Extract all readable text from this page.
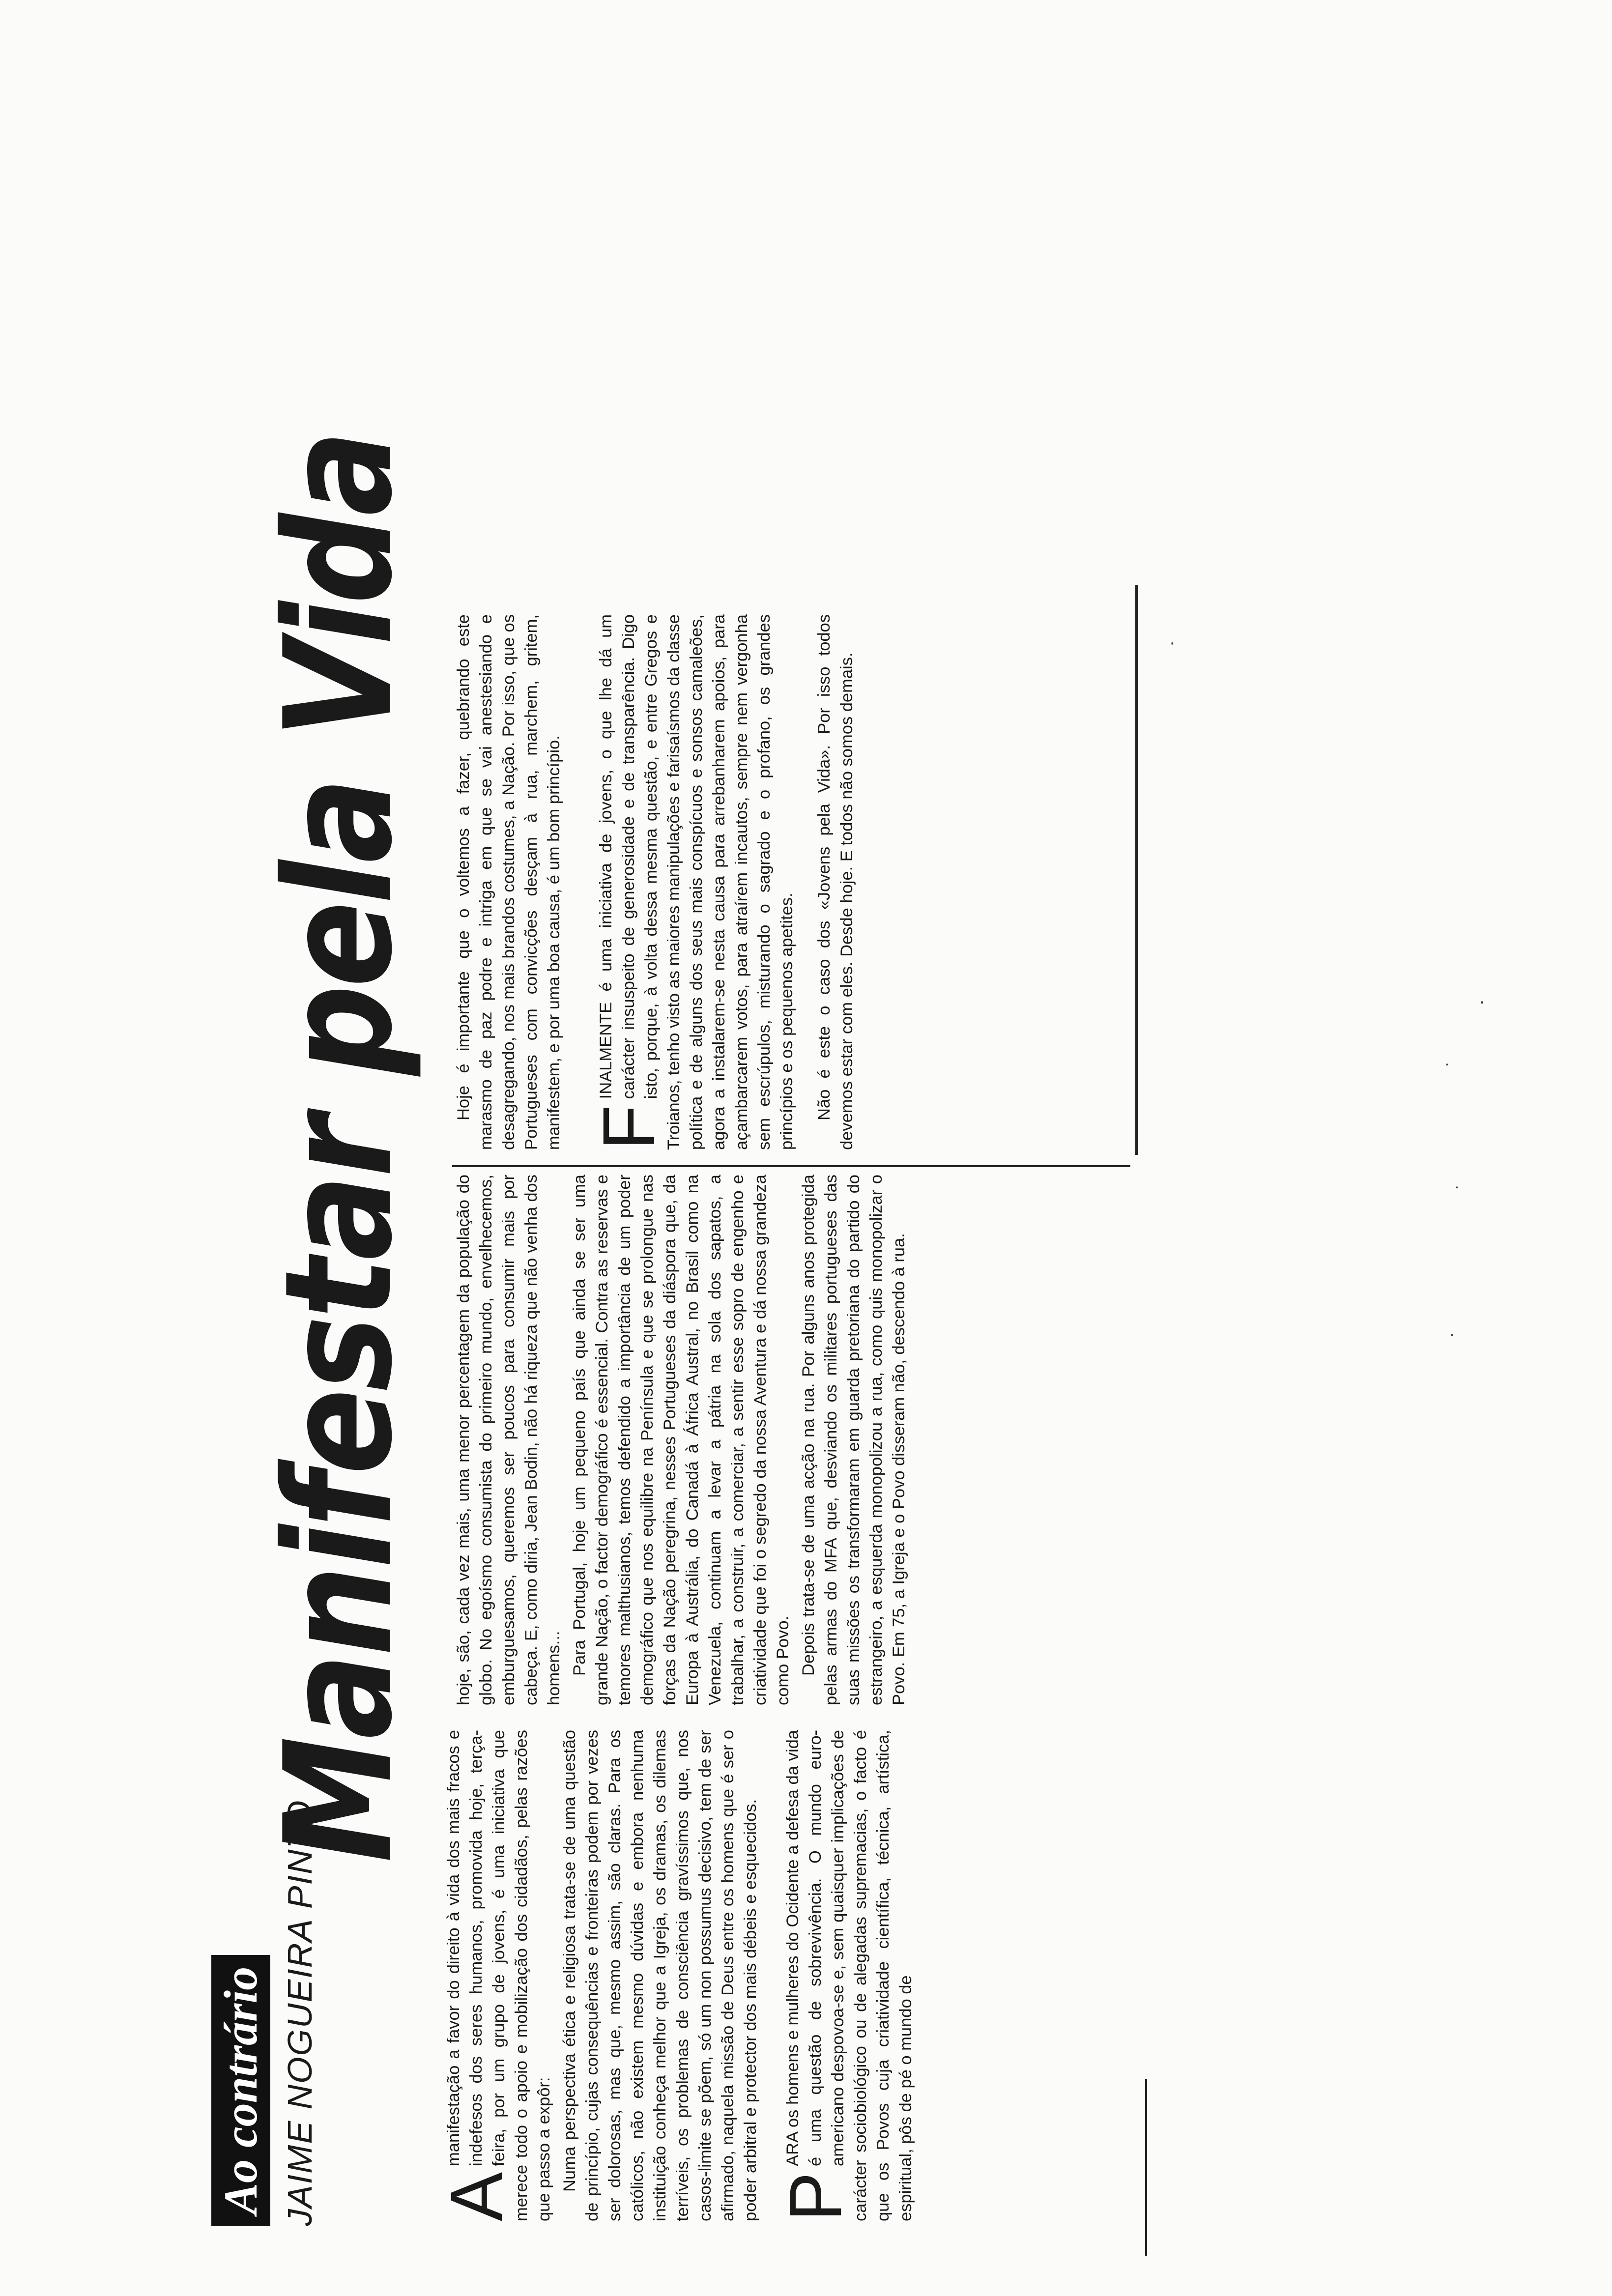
Ao contrário JAIME NOGUEIRA PINTO
Manifestar pela Vida

A
manifestação a favor do direito à vida dos mais fracos e indefesos dos seres humanos, promovida hoje, terça-feira, por um grupo de jovens, é uma iniciativa que merece todo o apoio e mobilização dos cidadãos, pelas razões que passo a expôr: Numa perspectiva ética e religiosa trata-se de uma questão de princípio, cujas consequências e fronteiras podem por vezes ser dolorosas, mas que, mesmo assim, são claras. Para os católicos, não existem mesmo dúvidas e embora nenhuma instituição conheça melhor que a Igreja, os dramas, os dilemas terríveis, os problemas de consciência gravíssimos que, nos casos-limite se põem, só um non possumus decisivo, tem de ser afirmado, naquela missão de Deus entre os homens que é ser o poder arbitral e protector dos mais débeis e esquecidos. P
ARA os homens e mulheres do Ocidente a defesa da vida é uma questão de sobrevivência. O mundo euro-americano despovoa-se e, sem quaisquer implicações de carácter sociobiológico ou de alegadas supremacias, o facto é que os Povos cuja criatividade científica, técnica, artística, espiritual, pôs de pé o mundo de

hoje, são, cada vez mais, uma menor percentagem da população do globo. No egoísmo consumista do primeiro mundo, envelhecemos, emburguesamos, queremos ser poucos para consumir mais por cabeça. E, como diria, Jean Bodin, não há riqueza que não venha dos homens... Para Portugal, hoje um pequeno país que ainda se ser uma grande Nação, o factor demográfico é essencial. Contra as reservas e temores malthusianos, temos defendido a importância de um poder demográfico que nos equilibre na Península e que se prolongue nas forças da Nação peregrina, nesses Portugueses da diáspora que, da Europa à Austrália, do Canadá à África Austral, no Brasil como na Venezuela, continuam a levar a pátria na sola dos sapatos, a trabalhar, a construir, a comerciar, a sentir esse sopro de engenho e criatividade que foi o segredo da nossa Aventura e dá nossa grandeza como Povo. Depois trata-se de uma acção na rua. Por alguns anos protegida pelas armas do MFA que, desviando os militares portugueses das suas missões os transformaram em guarda pretoriana do partido do estrangeiro, a esquerda monopolizou a rua, como quis monopolizar o Povo. Em 75, a Igreja e o Povo disseram não, descendo à rua.

Hoje é importante que o voltemos a fazer, quebrando este marasmo de paz podre e intriga em que se vai anestesiando e desagregando, nos mais brandos costumes, a Nação. Por isso, que os Portugueses com convicções desçam à rua, marchem, gritem, manifestem, e por uma boa causa, é um bom princípio. F
INALMENTE é uma iniciativa de jovens, o que lhe dá um carácter insuspeito de generosidade e de transparência. Digo isto, porque, à volta dessa mesma questão, e entre Gregos e Troianos, tenho visto as maiores manipulações e farisaísmos da classe política e de alguns dos seus mais conspícuos e sonsos camaleões, agora a instalarem-se nesta causa para arrebanharem apoios, para açambarcarem votos, para atraírem incautos, sempre nem vergonha sem escrúpulos, misturando o sagrado e o profano, os grandes princípios e os pequenos apetites. Não é este o caso dos «Jovens pela Vida». Por isso todos devemos estar com eles. Desde hoje. E todos não somos demais.	·
·
·
·
·
